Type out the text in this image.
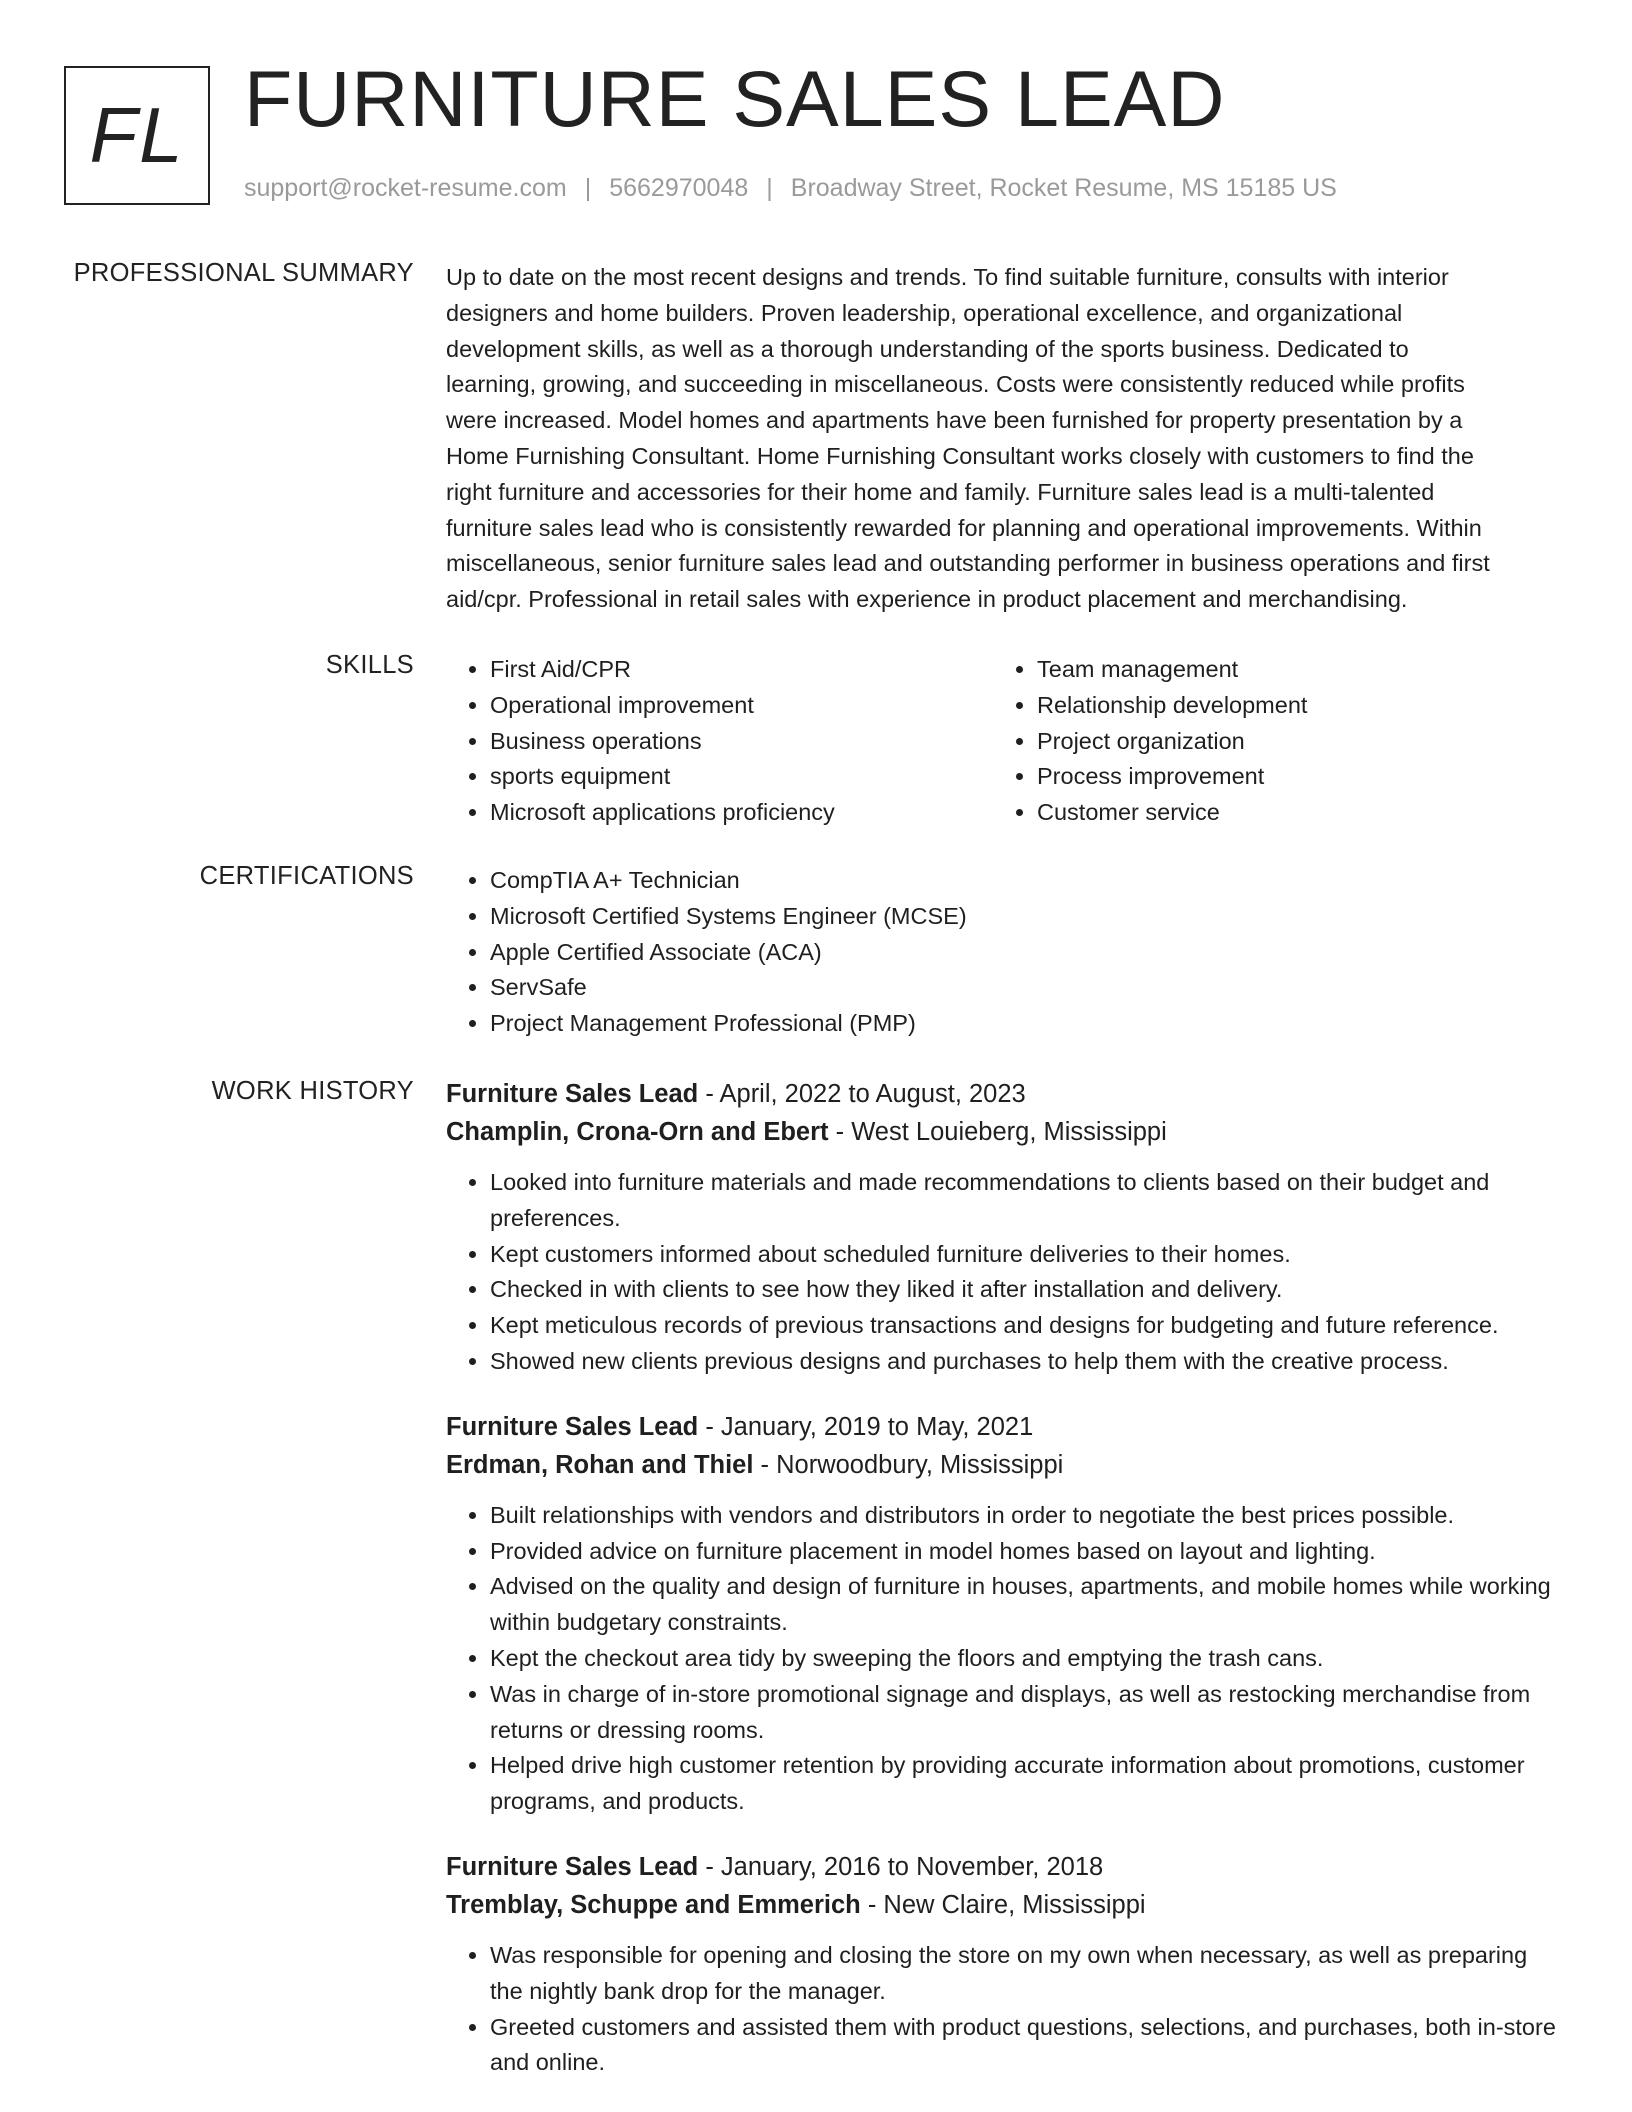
FL FURNITURE SALES LEAD
support@rocket-resume.com | 5662970048 | Broadway Street, Rocket Resume, MS 15185 US
PROFESSIONAL SUMMARY Up to date on the most recent designs and trends. To find suitable furniture, consults with interior
designers and home builders. Proven leadership, operational excellence, and organizational
development skills, as well as a thorough understanding of the sports business. Dedicated to
learning, growing, and succeeding in miscellaneous. Costs were consistently reduced while profits
were increased. Model homes and apartments have been furnished for property presentation by a
Home Furnishing Consultant. Home Furnishing Consultant works closely with customers to find the
right furniture and accessories for their home and family. Furniture sales lead is a multi-talented
furniture sales lead who is consistently rewarded for planning and operational improvements. Within
miscellaneous, senior furniture sales lead and outstanding performer in business operations and first
aid/cpr. Professional in retail sales with experience in product placement and merchandising.

SKILLS	• First Aid/CPR
• Operational improvement
• Business operations
• sports equipment
• Microsoft applications proficiency
• Team management
• Relationship development
• Project organization
• Process improvement
• Customer service
CERTIFICATIONS	• CompTIA A+ Technician
• Microsoft Certified Systems Engineer (MCSE)
• Apple Certified Associate (ACA)
• ServSafe
• Project Management Professional (PMP)
WORK HISTORY Furniture Sales Lead - April, 2022 to August, 2023
Champlin, Crona-Orn and Ebert - West Louieberg, Mississippi
• Looked into furniture materials and made recommendations to clients based on their budget and preferences.
• Kept customers informed about scheduled furniture deliveries to their homes.
• Checked in with clients to see how they liked it after installation and delivery.
• Kept meticulous records of previous transactions and designs for budgeting and future reference.
• Showed new clients previous designs and purchases to help them with the creative process.
Furniture Sales Lead - January, 2019 to May, 2021
Erdman, Rohan and Thiel - Norwoodbury, Mississippi
• Built relationships with vendors and distributors in order to negotiate the best prices possible.
• Provided advice on furniture placement in model homes based on layout and lighting.
• Advised on the quality and design of furniture in houses, apartments, and mobile homes while working within budgetary constraints.
• Kept the checkout area tidy by sweeping the floors and emptying the trash cans.
• Was in charge of in-store promotional signage and displays, as well as restocking merchandise from returns or dressing rooms.
• Helped drive high customer retention by providing accurate information about promotions, customer programs, and products.
Furniture Sales Lead - January, 2016 to November, 2018
Tremblay, Schuppe and Emmerich - New Claire, Mississippi
• Was responsible for opening and closing the store on my own when necessary, as well as preparing the nightly bank drop for the manager.
• Greeted customers and assisted them with product questions, selections, and purchases, both in-store and online.
